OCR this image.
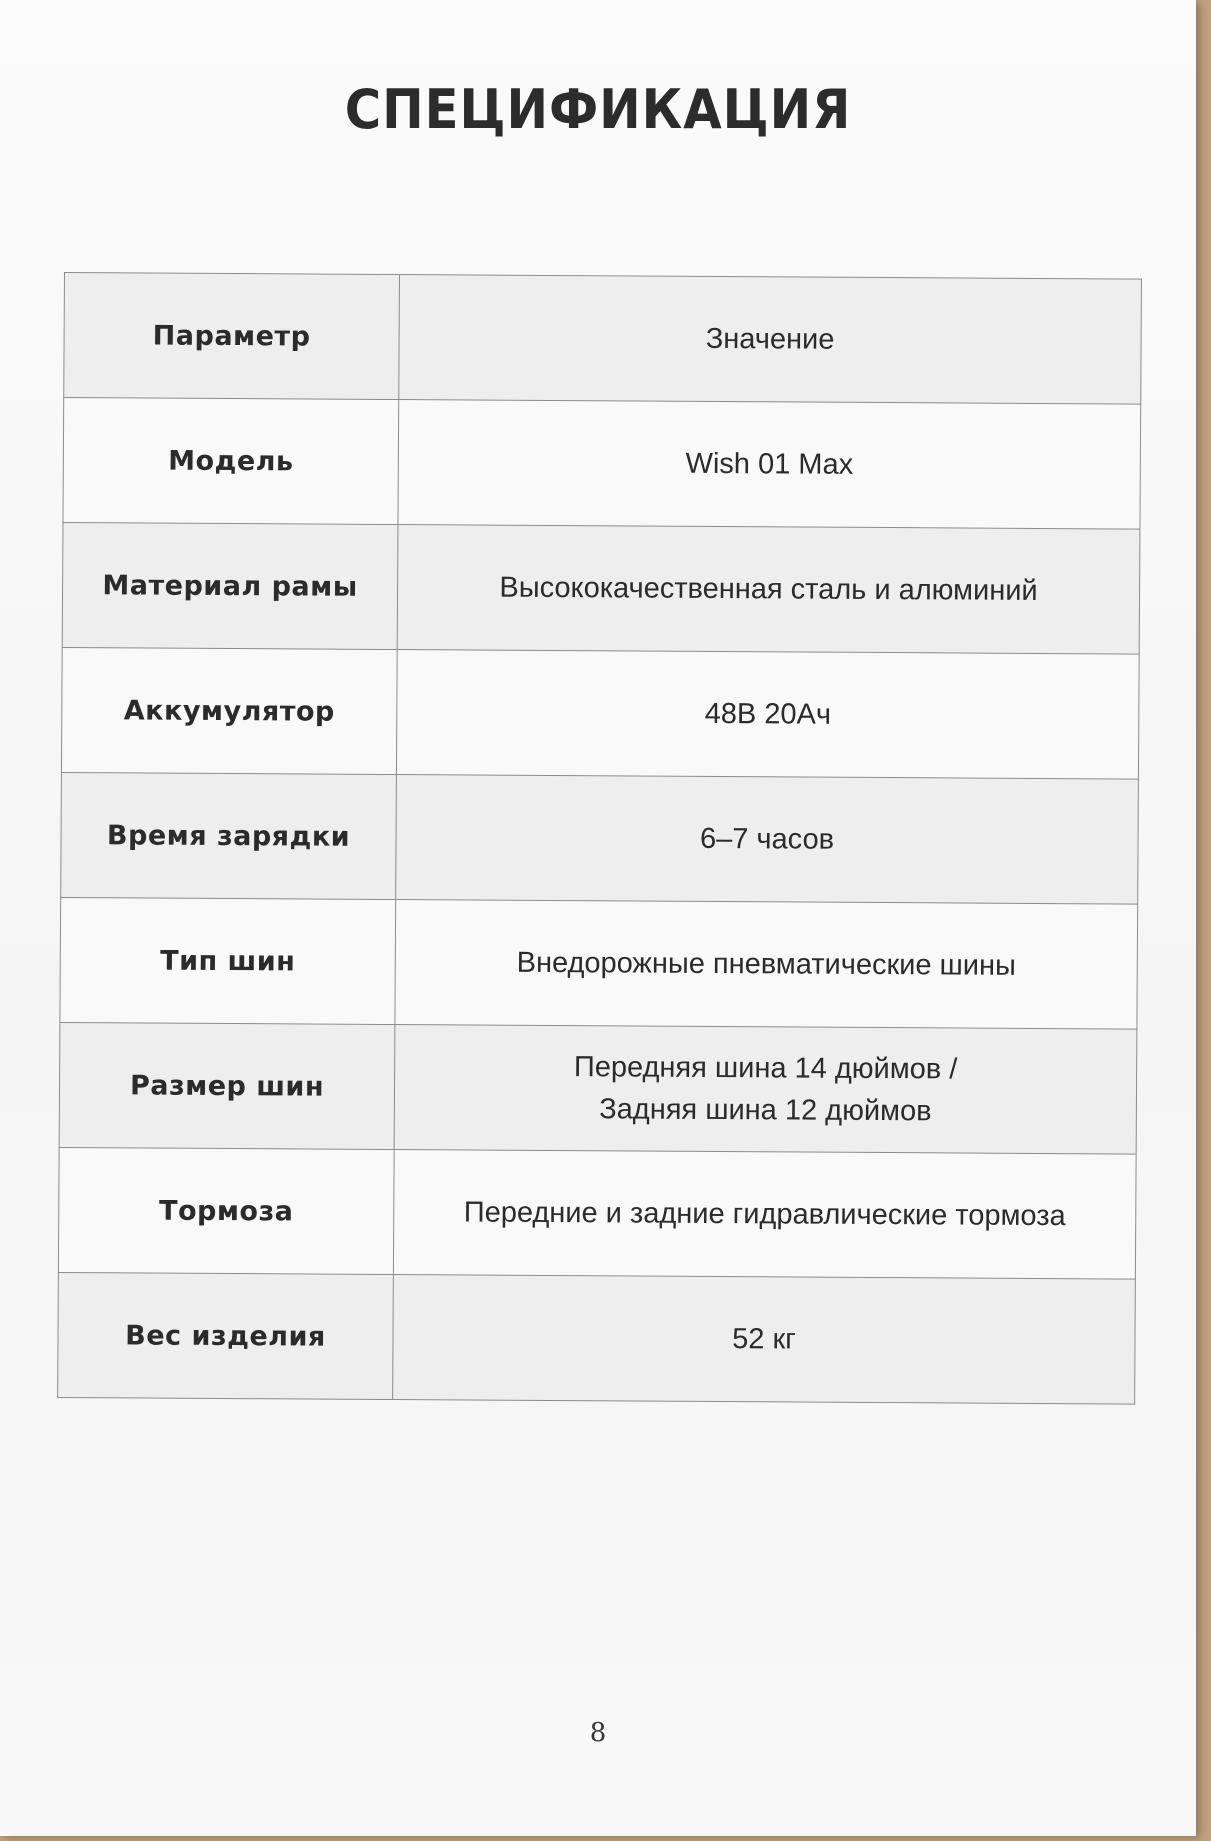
СПЕЦИФИКАЦИЯ
Параметр	Значение
Модель	Wish 01 Max
Материал рамы	Высококачественная сталь и алюминий
Аккумулятор	48В 20Ач
Время зарядки	6–7 часов
Тип шин	Внедорожные пневматические шины
Размер шин	Передняя шина 14 дюймов /
Задняя шина 12 дюймов

Тормоза	Передние и задние гидравлические тормоза
Вес изделия	52 кг
8
